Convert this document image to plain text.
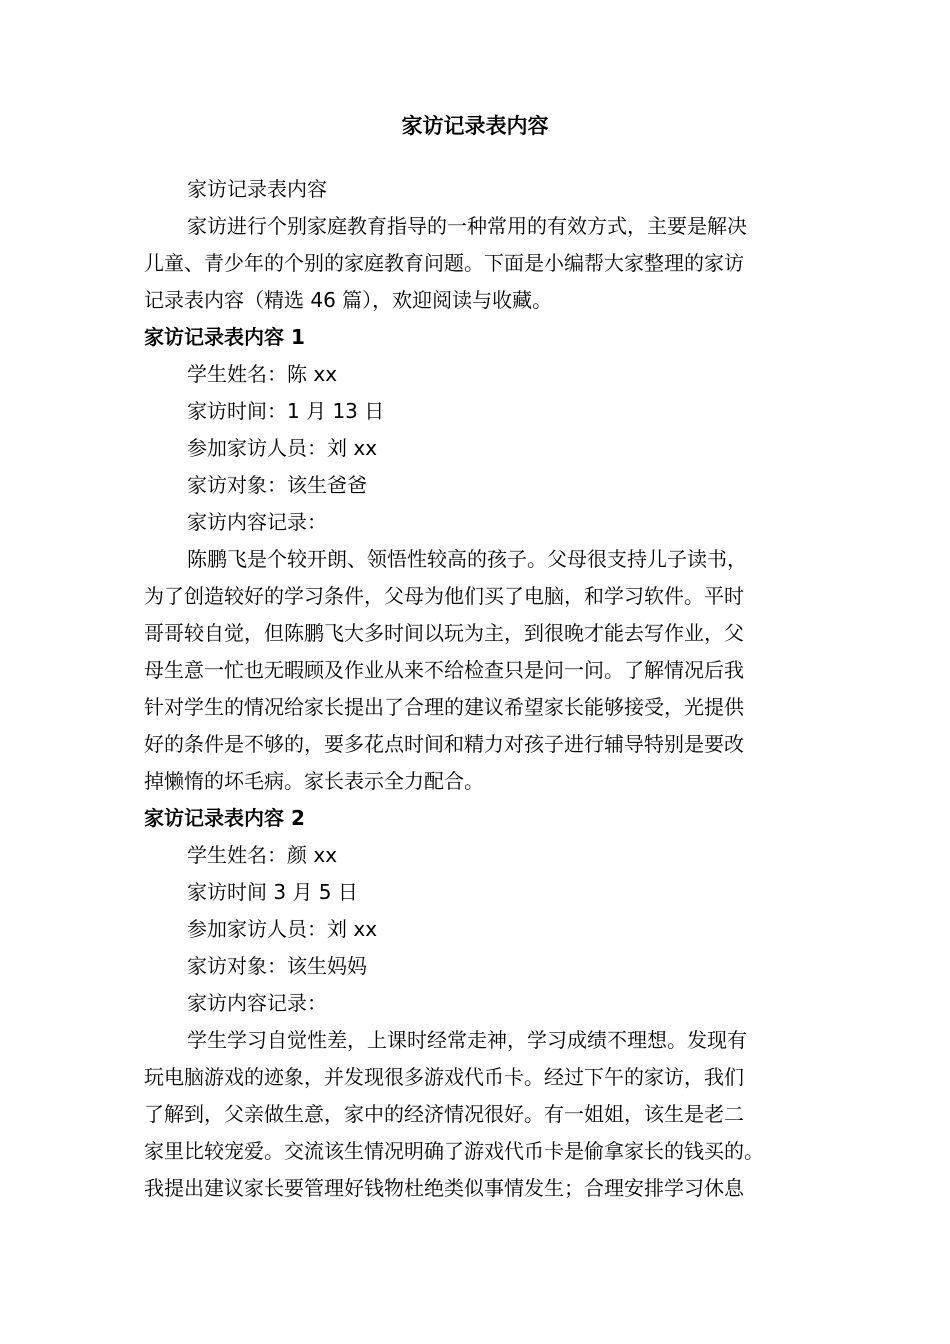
家访记录表内容
家访记录表内容
家访进行个别家庭教育指导的一种常用的有效方式，主要是解决
儿童、青少年的个别的家庭教育问题。下面是小编帮大家整理的家访
记录表内容（精选 46 篇），欢迎阅读与收藏。
家访记录表内容 1
学生姓名：陈 xx
家访时间：1 月 13 日
参加家访人员：刘 xx
家访对象：该生爸爸
家访内容记录：
陈鹏飞是个较开朗、领悟性较高的孩子。父母很支持儿子读书，
为了创造较好的学习条件，父母为他们买了电脑，和学习软件。平时
哥哥较自觉，但陈鹏飞大多时间以玩为主，到很晚才能去写作业，父
母生意一忙也无暇顾及作业从来不给检查只是问一问。了解情况后我
针对学生的情况给家长提出了合理的建议希望家长能够接受，光提供
好的条件是不够的，要多花点时间和精力对孩子进行辅导特别是要改
掉懒惰的坏毛病。家长表示全力配合。
家访记录表内容 2
学生姓名：颜 xx
家访时间 3 月 5 日
参加家访人员：刘 xx
家访对象：该生妈妈
家访内容记录：
学生学习自觉性差，上课时经常走神，学习成绩不理想。发现有
玩电脑游戏的迹象，并发现很多游戏代币卡。经过下午的家访，我们
了解到，父亲做生意，家中的经济情况很好。有一姐姐，该生是老二
家里比较宠爱。交流该生情况明确了游戏代币卡是偷拿家长的钱买的。
我提出建议家长要管理好钱物杜绝类似事情发生；合理安排学习休息
